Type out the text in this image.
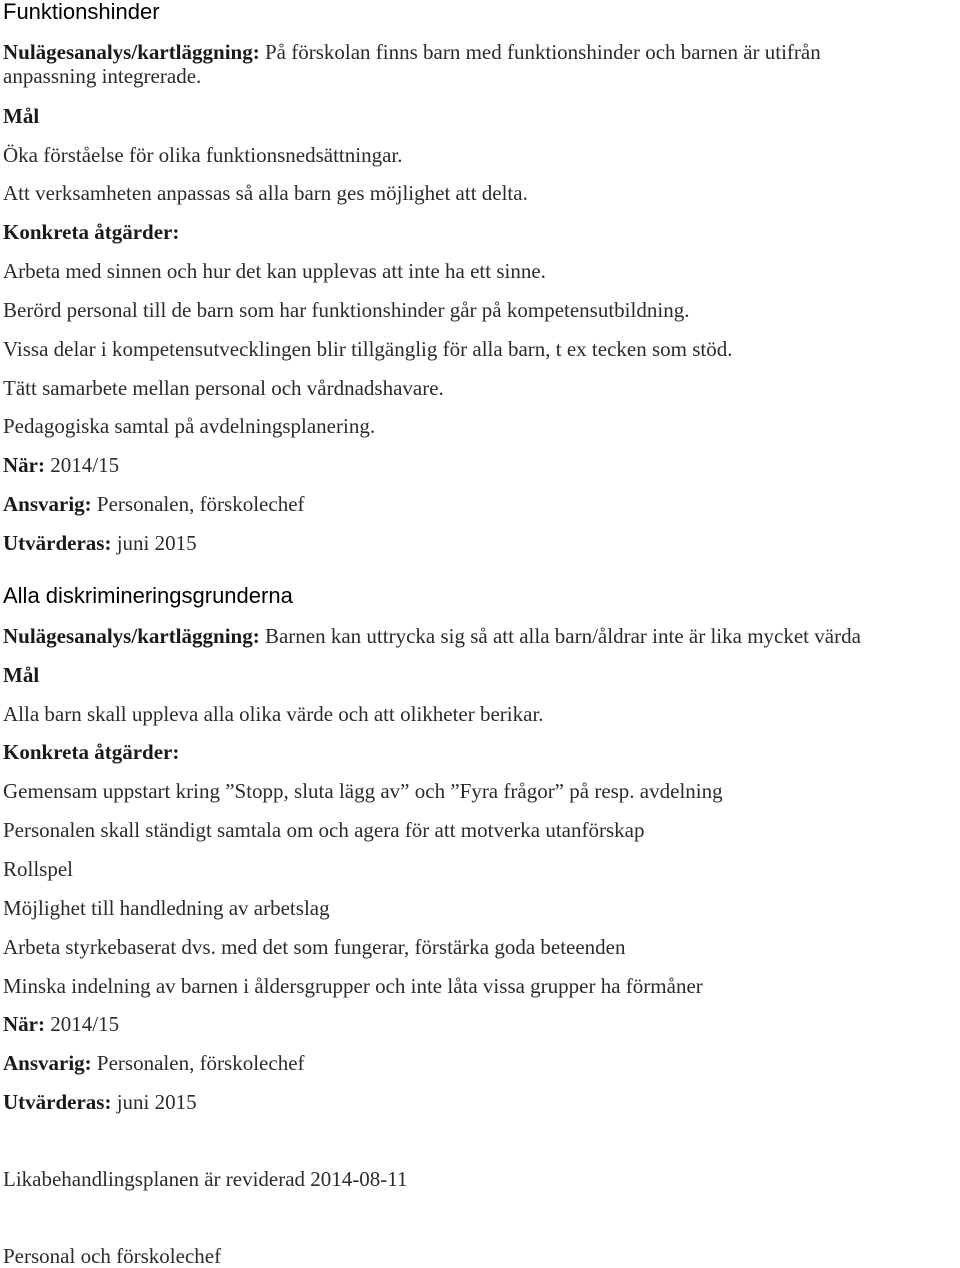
Funktionshinder
Nulägesanalys/kartläggning: På förskolan finns barn med funktionshinder och barnen är utifrån
anpassning integrerade.
Mål
Öka förståelse för olika funktionsnedsättningar.
Att verksamheten anpassas så alla barn ges möjlighet att delta.
Konkreta åtgärder:
Arbeta med sinnen och hur det kan upplevas att inte ha ett sinne.
Berörd personal till de barn som har funktionshinder går på kompetensutbildning.
Vissa delar i kompetensutvecklingen blir tillgänglig för alla barn, t ex tecken som stöd.
Tätt samarbete mellan personal och vårdnadshavare.
Pedagogiska samtal på avdelningsplanering.
När: 2014/15
Ansvarig: Personalen, förskolechef
Utvärderas: juni 2015
Alla diskrimineringsgrunderna
Nulägesanalys/kartläggning: Barnen kan uttrycka sig så att alla barn/åldrar inte är lika mycket värda
Mål
Alla barn skall uppleva alla olika värde och att olikheter berikar.
Konkreta åtgärder:
Gemensam uppstart kring ”Stopp, sluta lägg av” och ”Fyra frågor” på resp. avdelning
Personalen skall ständigt samtala om och agera för att motverka utanförskap
Rollspel
Möjlighet till handledning av arbetslag
Arbeta styrkebaserat dvs. med det som fungerar, förstärka goda beteenden
Minska indelning av barnen i åldersgrupper och inte låta vissa grupper ha förmåner
När: 2014/15
Ansvarig: Personalen, förskolechef
Utvärderas: juni 2015
Likabehandlingsplanen är reviderad 2014-08-11
Personal och förskolechef
